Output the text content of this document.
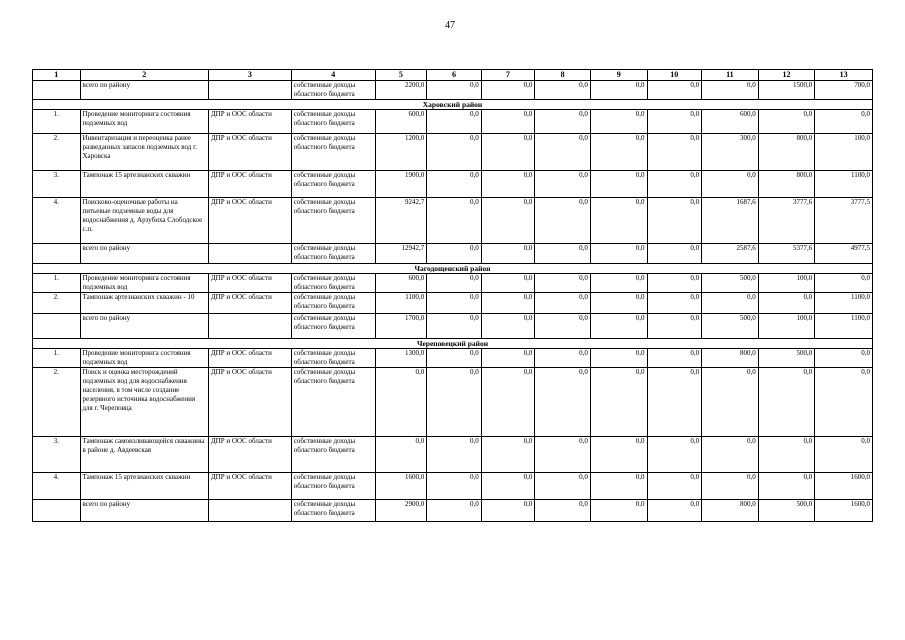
47
1	2	3	4	5	6	7	8	9	10	11	12	13
	всего по району		собственные доходы областного бюджета	2200,0	0,0	0,0	0,0	0,0	0,0	0,0	1500,0	700,0
Харовский район												
1.	Проведение мониторинга состояния подземных вод	ДПР и ООС области	собственные доходы областного бюджета	600,0	0,0	0,0	0,0	0,0	0,0	600,0	0,0	0,0
2.	Инвентаризация и переоценка ранее разведанных запасов подземных вод г. Харовска	ДПР и ООС области	собственные доходы областного бюджета	1200,0	0,0	0,0	0,0	0,0	0,0	300,0	800,0	100,0
3.	Тампонаж 15 артезианских скважин	ДПР и ООС области	собственные доходы областного бюджета	1900,0	0,0	0,0	0,0	0,0	0,0	0,0	800,0	1100,0
4.	Поисково-оценочные работы на питьевые подземные воды для водоснабжения д. Арзубиха Слободское с.п.	ДПР и ООС области	собственные доходы областного бюджета	9242,7	0,0	0,0	0,0	0,0	0,0	1687,6	3777,6	3777,5
	всего по району		собственные доходы областного бюджета	12942,7	0,0	0,0	0,0	0,0	0,0	2587,6	5377,6	4977,5
Чагодощенский район												
1.	Проведение мониторинга состояния подземных вод	ДПР и ООС области	собственные доходы областного бюджета	600,0	0,0	0,0	0,0	0,0	0,0	500,0	100,0	0,0
2.	Тампонаж артезианских скважин - 10	ДПР и ООС области	собственные доходы областного бюджета	1100,0	0,0	0,0	0,0	0,0	0,0	0,0	0,0	1100,0
	всего по району		собственные доходы областного бюджета	1700,0	0,0	0,0	0,0	0,0	0,0	500,0	100,0	1100,0
Череповецкий район												
1.	Проведение мониторинга состояния подземных вод	ДПР и ООС области	собственные доходы областного бюджета	1300,0	0,0	0,0	0,0	0,0	0,0	800,0	500,0	0,0
2.	Поиск и оценка месторождений подземных вод для водоснабжения населения, в том числе создание резервного источника водоснабжения для г. Череповца	ДПР и ООС области	собственные доходы областного бюджета	0,0	0,0	0,0	0,0	0,0	0,0	0,0	0,0	0,0
3.	Тампонаж самоизливающейся скважины в районе д. Авдеевская	ДПР и ООС области	собственные доходы областного бюджета	0,0	0,0	0,0	0,0	0,0	0,0	0,0	0,0	0,0
4.	Тампонаж 15 артезианских скважин	ДПР и ООС области	собственные доходы областного бюджета	1600,0	0,0	0,0	0,0	0,0	0,0	0,0	0,0	1600,0
	всего по району		собственные доходы областного бюджета	2900,0	0,0	0,0	0,0	0,0	0,0	800,0	500,0	1600,0
